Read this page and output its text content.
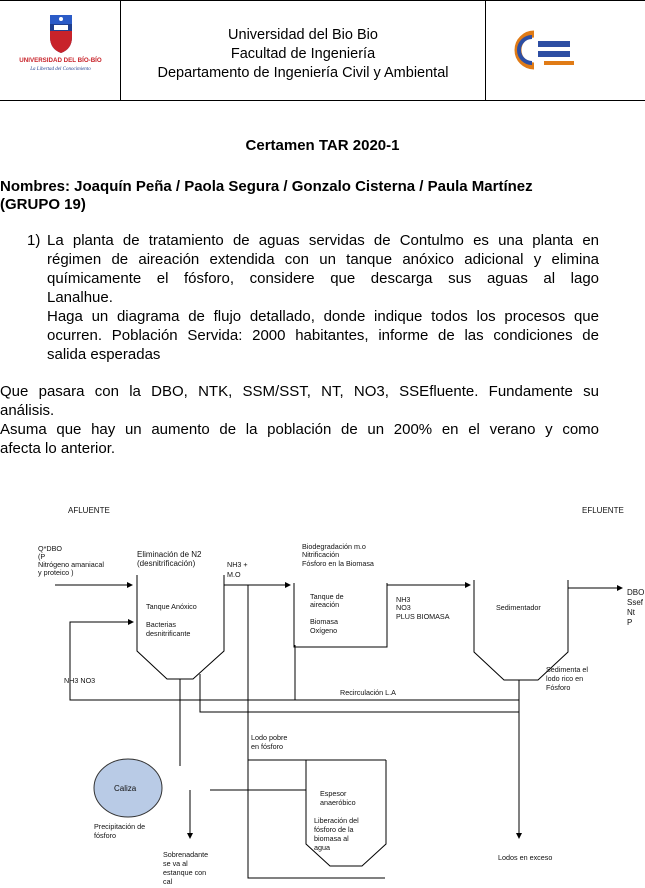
UNIVERSIDAD DEL BÍO-BÍO
La Libertad del Conocimiento
Universidad del Bio Bio
Facultad de Ingeniería
Departamento de Ingeniería Civil y Ambiental
Certamen TAR 2020-1
Nombres: Joaquín Peña / Paola Segura / Gonzalo Cisterna / Paula Martínez
(GRUPO 19)
1) La planta de tratamiento de aguas servidas de Contulmo es una planta en
régimen de aireación extendida con un tanque anóxico adicional y elimina
químicamente el fósforo, considere que descarga sus aguas al lago
Lanalhue.
Haga un diagrama de flujo detallado, donde indique todos los procesos que
ocurren. Población Servida: 2000 habitantes, informe de las condiciones de
salida esperadas
Que pasara con la DBO, NTK, SSM/SST, NT, NO3, SSEfluente. Fundamente su
análisis.
Asuma que hay un aumento de la población de un 200% en el verano y como
afecta lo anterior.
AFLUENTE	EFLUENTE
Q*DBO
(P
Nitrógeno amaniacal
y proteico )
Eliminación de N2
(desnitrificación)	NH3 +
M.O
Tanque Anóxico
Bacterias
desnitrificante
Biodegradación m.o
Nitrificación
Fósforo en la Biomasa
Tanque de
aireación
Biomasa
Oxígeno
NH3
NO3
PLUS BIOMASA
Sedimentador
DBO
Ssef
Nt
P
Sedimenta el
lodo rico en
Fósforo
NH3 NO3
Recirculación L.A
Lodo pobre
en fósforo
Caliza
Precipitación de
fósforo
Espesor
anaeróbico
Liberación del
fósforo de la
biomasa al
agua
Sobrenadante
se va al
estanque con
cal
Lodos en exceso
